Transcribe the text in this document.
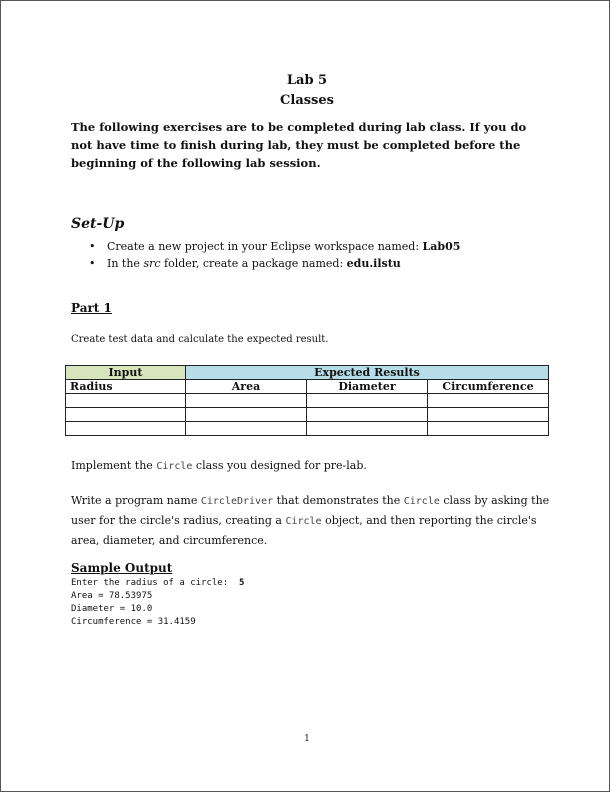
Lab 5
Classes
The following exercises are to be completed during lab class. If you do not have time to finish during lab, they must be completed before the beginning of the following lab session.
Set-Up
•	Create a new project in your Eclipse workspace named: Lab05
•	In the src folder, create a package named: edu.ilstu
Part 1
Create test data and calculate the expected result.
Input	Expected Results		
Radius	Area	Diameter	Circumference

Implement the Circle class you designed for pre-lab.
Write a program name CircleDriver that demonstrates the Circle class by asking the user for the circle's radius, creating a Circle object, and then reporting the circle's area, diameter, and circumference.
Sample Output
Enter the radius of a circle:  5
Area = 78.53975
Diameter = 10.0
Circumference = 31.4159
1
